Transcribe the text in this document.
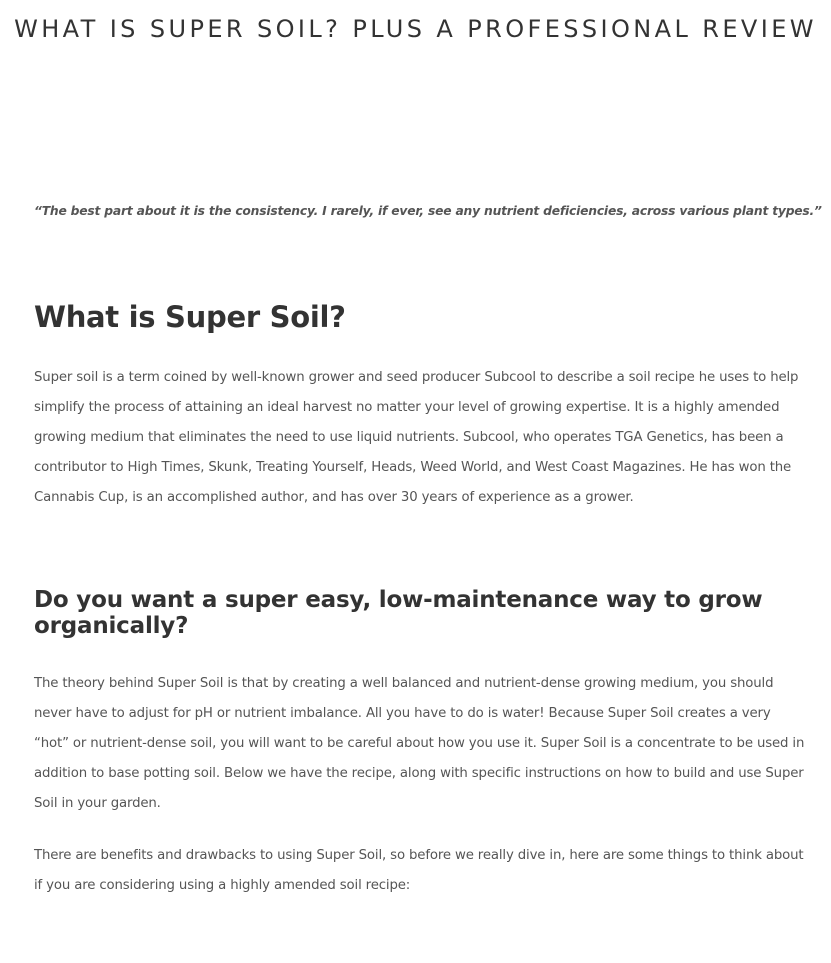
WHAT IS SUPER SOIL? PLUS A PROFESSIONAL REVIEW

“The best part about it is the consistency. I rarely, if ever, see any nutrient deficiencies, across various plant types.”

What is Super Soil?

Super soil is a term coined by well-known grower and seed producer Subcool to describe a soil recipe he uses to help simplify the process of attaining an ideal harvest no matter your level of growing expertise. It is a highly amended growing medium that eliminates the need to use liquid nutrients. Subcool, who operates TGA Genetics, has been a contributor to High Times, Skunk, Treating Yourself, Heads, Weed World, and West Coast Magazines. He has won the Cannabis Cup, is an accomplished author, and has over 30 years of experience as a grower.

Do you want a super easy, low-maintenance way to grow organically?

The theory behind Super Soil is that by creating a well balanced and nutrient-dense growing medium, you should never have to adjust for pH or nutrient imbalance. All you have to do is water! Because Super Soil creates a very “hot” or nutrient-dense soil, you will want to be careful about how you use it. Super Soil is a concentrate to be used in addition to base potting soil. Below we have the recipe, along with specific instructions on how to build and use Super Soil in your garden.

There are benefits and drawbacks to using Super Soil, so before we really dive in, here are some things to think about if you are considering using a highly amended soil recipe:
